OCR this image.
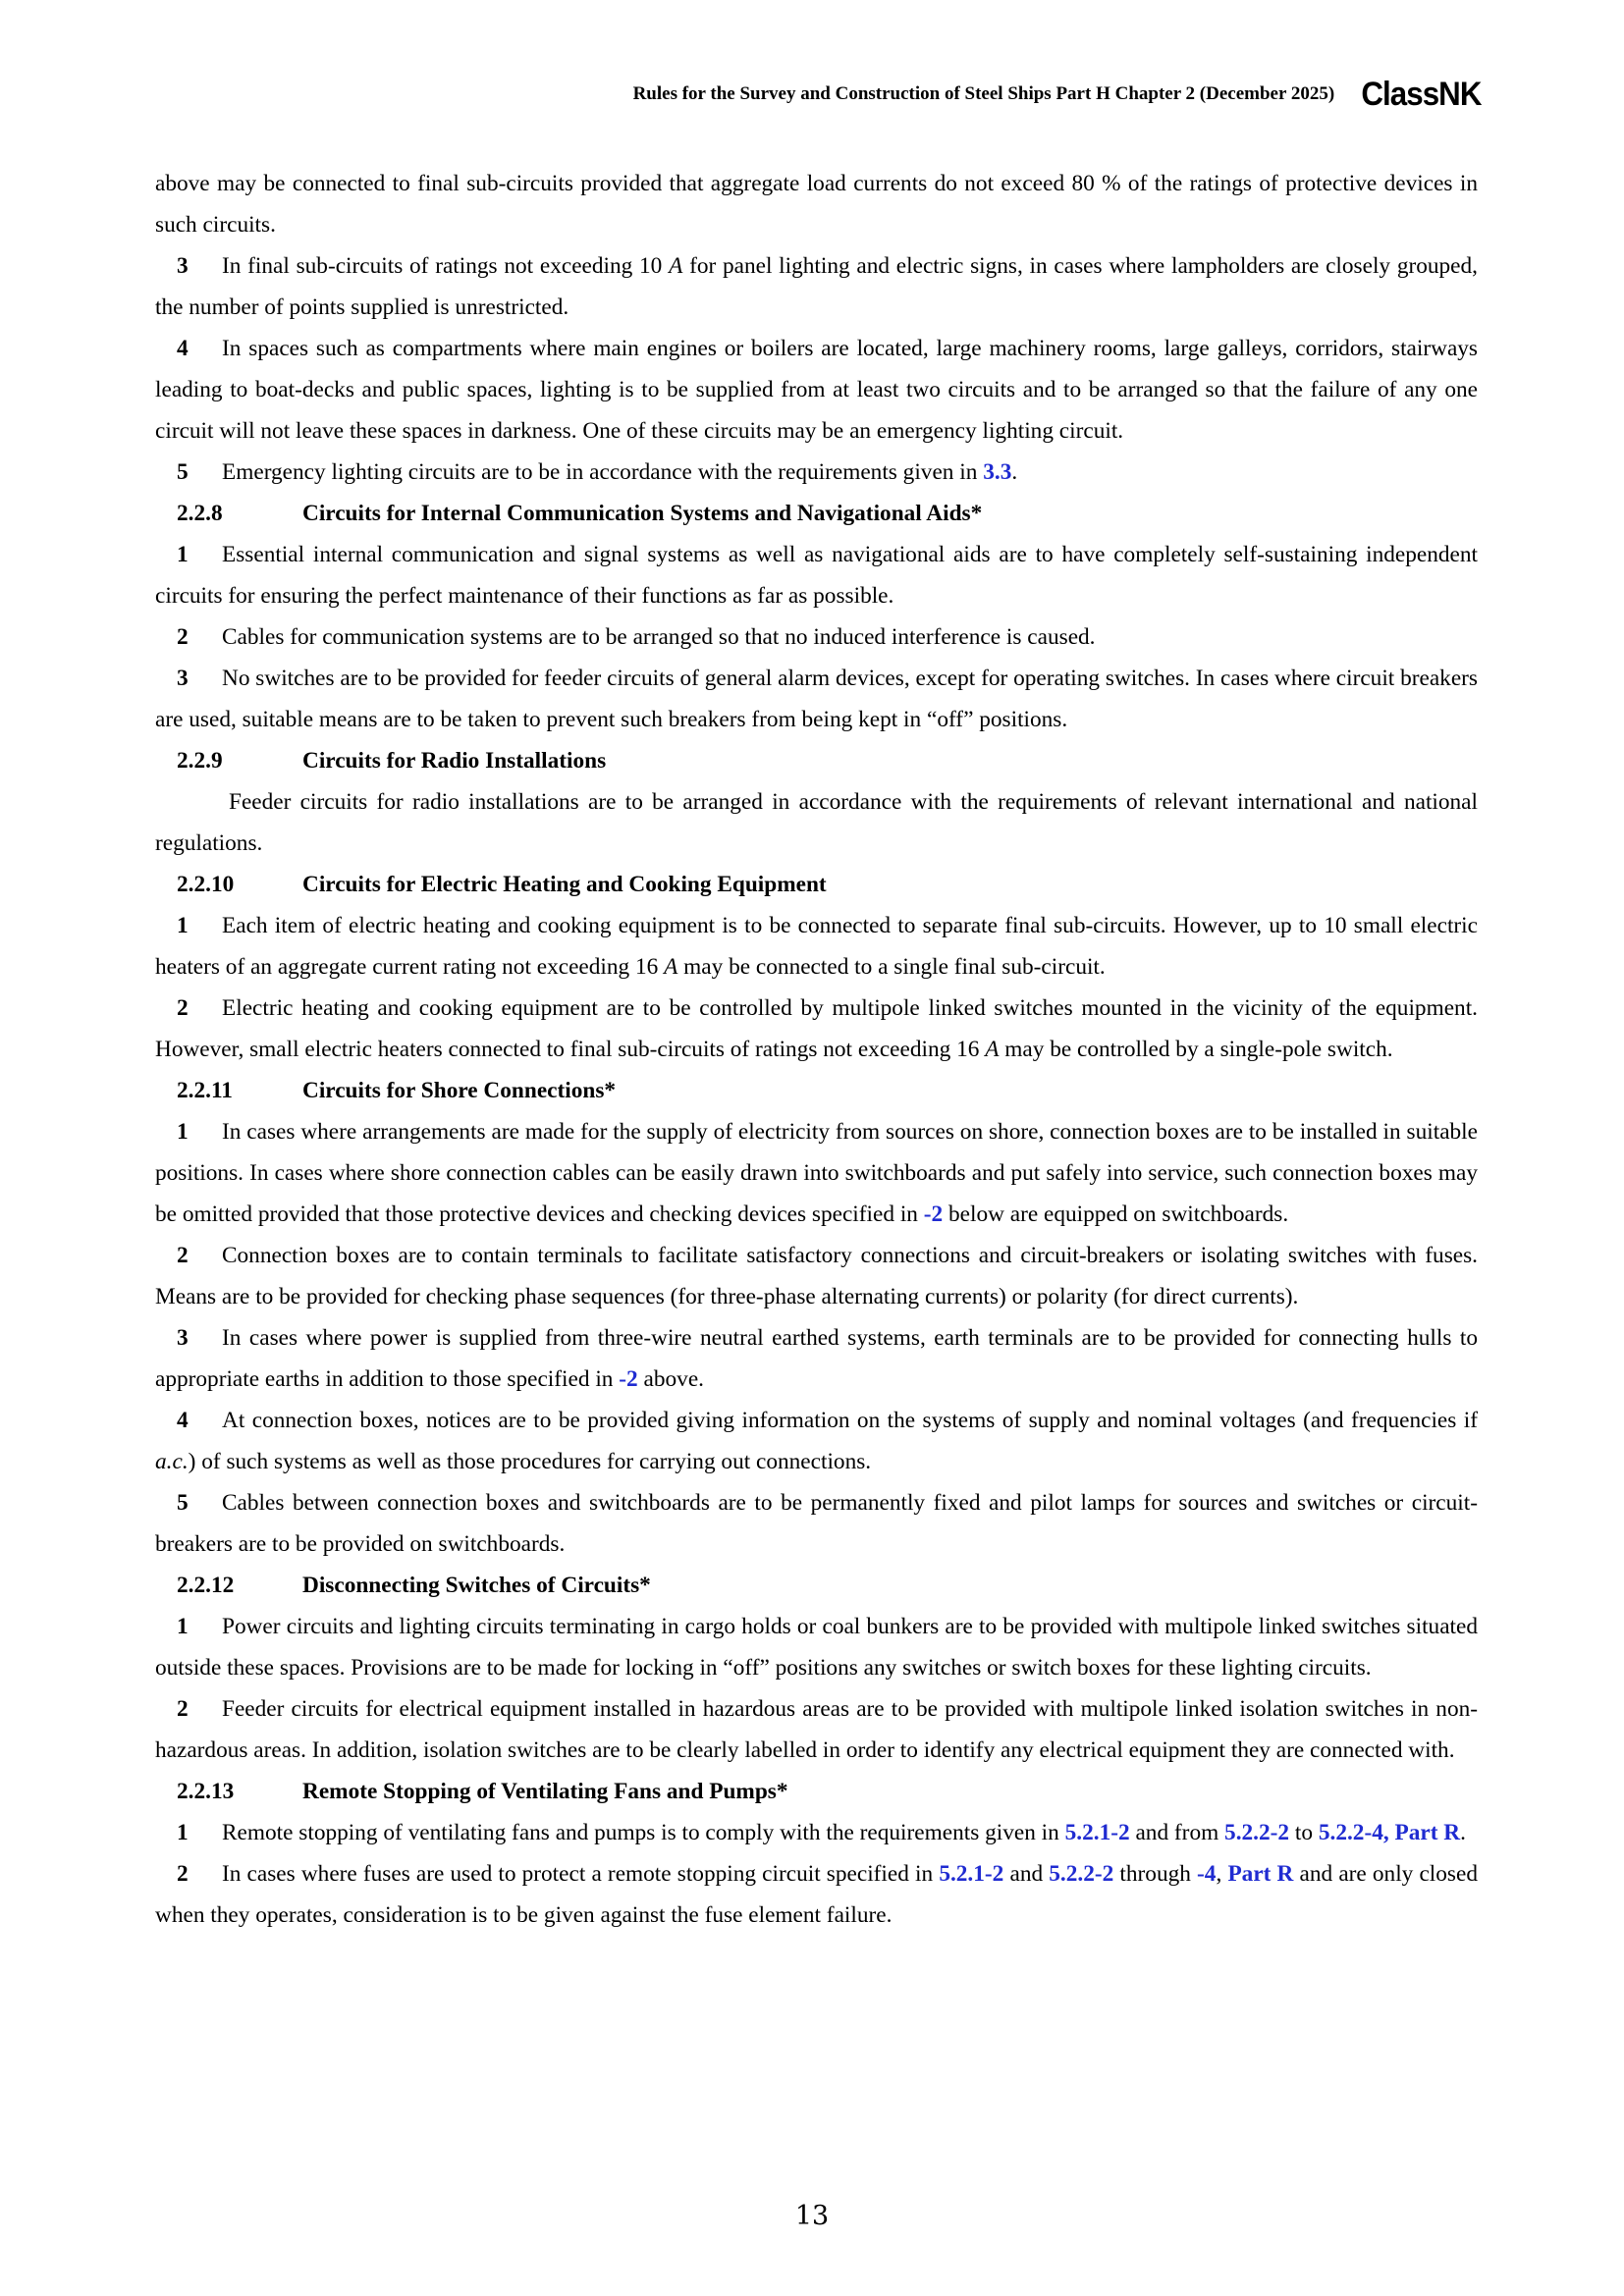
Rules for the Survey and Construction of Steel Ships Part H Chapter 2 (December 2025) ClassNK

above may be connected to final sub-circuits provided that aggregate load currents do not exceed 80 % of the ratings of protective devices in such circuits.

3 In final sub-circuits of ratings not exceeding 10 A for panel lighting and electric signs, in cases where lampholders are closely grouped, the number of points supplied is unrestricted.

4 In spaces such as compartments where main engines or boilers are located, large machinery rooms, large galleys, corridors, stairways leading to boat-decks and public spaces, lighting is to be supplied from at least two circuits and to be arranged so that the failure of any one circuit will not leave these spaces in darkness. One of these circuits may be an emergency lighting circuit.

5 Emergency lighting circuits are to be in accordance with the requirements given in 3.3.

2.2.8	Circuits for Internal Communication Systems and Navigational Aids*

1 Essential internal communication and signal systems as well as navigational aids are to have completely self-sustaining independent circuits for ensuring the perfect maintenance of their functions as far as possible.

2 Cables for communication systems are to be arranged so that no induced interference is caused.

3 No switches are to be provided for feeder circuits of general alarm devices, except for operating switches. In cases where circuit breakers are used, suitable means are to be taken to prevent such breakers from being kept in “off” positions.

2.2.9	Circuits for Radio Installations

Feeder circuits for radio installations are to be arranged in accordance with the requirements of relevant international and national regulations.

2.2.10	Circuits for Electric Heating and Cooking Equipment

1 Each item of electric heating and cooking equipment is to be connected to separate final sub-circuits. However, up to 10 small electric heaters of an aggregate current rating not exceeding 16 A may be connected to a single final sub-circuit.

2 Electric heating and cooking equipment are to be controlled by multipole linked switches mounted in the vicinity of the equipment. However, small electric heaters connected to final sub-circuits of ratings not exceeding 16 A may be controlled by a single-pole switch.

2.2.11	Circuits for Shore Connections*

1 In cases where arrangements are made for the supply of electricity from sources on shore, connection boxes are to be installed in suitable positions. In cases where shore connection cables can be easily drawn into switchboards and put safely into service, such connection boxes may be omitted provided that those protective devices and checking devices specified in -2 below are equipped on switchboards.

2 Connection boxes are to contain terminals to facilitate satisfactory connections and circuit-breakers or isolating switches with fuses. Means are to be provided for checking phase sequences (for three-phase alternating currents) or polarity (for direct currents).

3 In cases where power is supplied from three-wire neutral earthed systems, earth terminals are to be provided for connecting hulls to appropriate earths in addition to those specified in -2 above.

4 At connection boxes, notices are to be provided giving information on the systems of supply and nominal voltages (and frequencies if a.c.) of such systems as well as those procedures for carrying out connections.

5 Cables between connection boxes and switchboards are to be permanently fixed and pilot lamps for sources and switches or circuit-breakers are to be provided on switchboards.

2.2.12	Disconnecting Switches of Circuits*

1 Power circuits and lighting circuits terminating in cargo holds or coal bunkers are to be provided with multipole linked switches situated outside these spaces. Provisions are to be made for locking in “off” positions any switches or switch boxes for these lighting circuits.

2 Feeder circuits for electrical equipment installed in hazardous areas are to be provided with multipole linked isolation switches in non-hazardous areas. In addition, isolation switches are to be clearly labelled in order to identify any electrical equipment they are connected with.

2.2.13	Remote Stopping of Ventilating Fans and Pumps*

1 Remote stopping of ventilating fans and pumps is to comply with the requirements given in 5.2.1-2 and from 5.2.2-2 to 5.2.2-4, Part R.

2 In cases where fuses are used to protect a remote stopping circuit specified in 5.2.1-2 and 5.2.2-2 through -4, Part R and are only closed when they operates, consideration is to be given against the fuse element failure.

13
